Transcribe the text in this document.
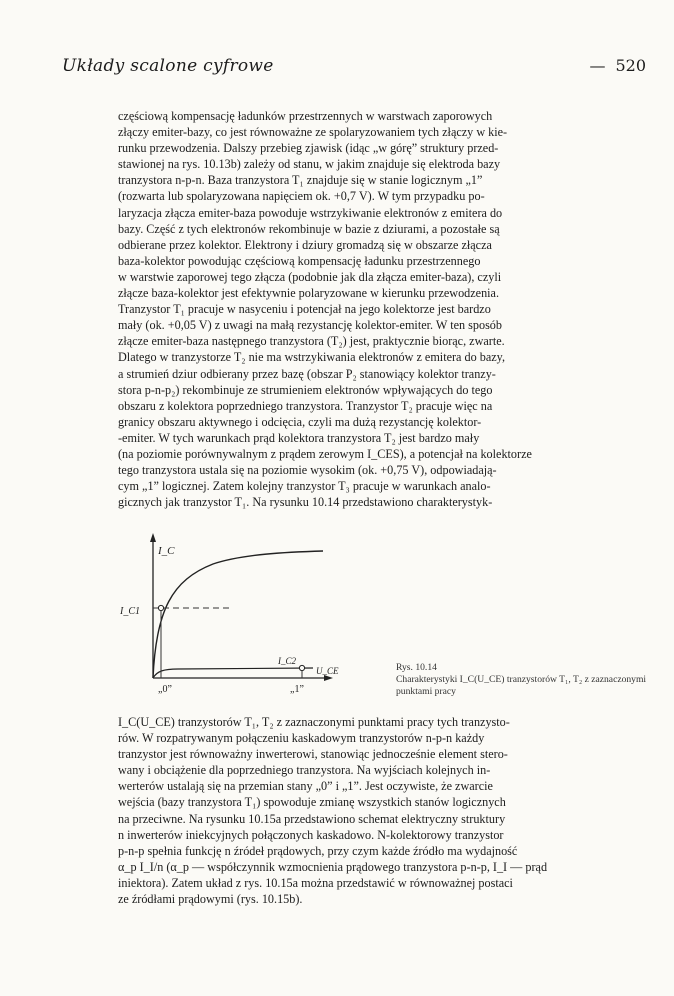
Układy scalone cyfrowe	— 520
częściową kompensację ładunków przestrzennych w warstwach zaporowych
złączy emiter-bazy, co jest równoważne ze spolaryzowaniem tych złączy w kie-
runku przewodzenia. Dalszy przebieg zjawisk (idąc „w górę” struktury przed-
stawionej na rys. 10.13b) zależy od stanu, w jakim znajduje się elektroda bazy
tranzystora n-p-n. Baza tranzystora T₁ znajduje się w stanie logicznym „1”
(rozwarta lub spolaryzowana napięciem ok. +0,7 V). W tym przypadku po-
laryzacja złącza emiter-baza powoduje wstrzykiwanie elektronów z emitera do
bazy. Część z tych elektronów rekombinuje w bazie z dziurami, a pozostałe są
odbierane przez kolektor. Elektrony i dziury gromadzą się w obszarze złącza
baza-kolektor powodując częściową kompensację ładunku przestrzennego
w warstwie zaporowej tego złącza (podobnie jak dla złącza emiter-baza), czyli
złącze baza-kolektor jest efektywnie polaryzowane w kierunku przewodzenia.
Tranzystor T₁ pracuje w nasyceniu i potencjał na jego kolektorze jest bardzo
mały (ok. +0,05 V) z uwagi na małą rezystancję kolektor-emiter. W ten sposób
złącze emiter-baza następnego tranzystora (T₂) jest, praktycznie biorąc, zwarte.
Dlatego w tranzystorze T₂ nie ma wstrzykiwania elektronów z emitera do bazy,
a strumień dziur odbierany przez bazę (obszar P₂ stanowiący kolektor tranzy-
stora p-n-p₂) rekombinuje ze strumieniem elektronów wpływających do tego
obszaru z kolektora poprzedniego tranzystora. Tranzystor T₂ pracuje więc na
granicy obszaru aktywnego i odcięcia, czyli ma dużą rezystancję kolektor-
-emiter. W tych warunkach prąd kolektora tranzystora T₂ jest bardzo mały
(na poziomie porównywalnym z prądem zerowym I_CES), a potencjał na kolektorze
tego tranzystora ustala się na poziomie wysokim (ok. +0,75 V), odpowiadają-
cym „1” logicznej. Zatem kolejny tranzystor T₃ pracuje w warunkach analo-
gicznych jak tranzystor T₁. Na rysunku 10.14 przedstawiono charakterystyk-
I_C
I_C1
I_C2
U_CE
„0”	„1”
Rys. 10.14
Charakterystyki I_C(U_CE) tranzystorów T₁, T₂ z zaznaczonymi punktami pracy
I_C(U_CE) tranzystorów T₁, T₂ z zaznaczonymi punktami pracy tych tranzysto-
rów. W rozpatrywanym połączeniu kaskadowym tranzystorów n-p-n każdy
tranzystor jest równoważny inwerterowi, stanowiąc jednocześnie element stero-
wany i obciążenie dla poprzedniego tranzystora. Na wyjściach kolejnych in-
werterów ustalają się na przemian stany „0” i „1”. Jest oczywiste, że zwarcie
wejścia (bazy tranzystora T₁) spowoduje zmianę wszystkich stanów logicznych
na przeciwne. Na rysunku 10.15a przedstawiono schemat elektryczny struktury
n inwerterów iniekcyjnych połączonych kaskadowo. N-kolektorowy tranzystor
p-n-p spełnia funkcję n źródeł prądowych, przy czym każde źródło ma wydajność
α_p I_I/n (α_p — współczynnik wzmocnienia prądowego tranzystora p-n-p, I_I — prąd
iniektora). Zatem układ z rys. 10.15a można przedstawić w równoważnej postaci
ze źródłami prądowymi (rys. 10.15b).
